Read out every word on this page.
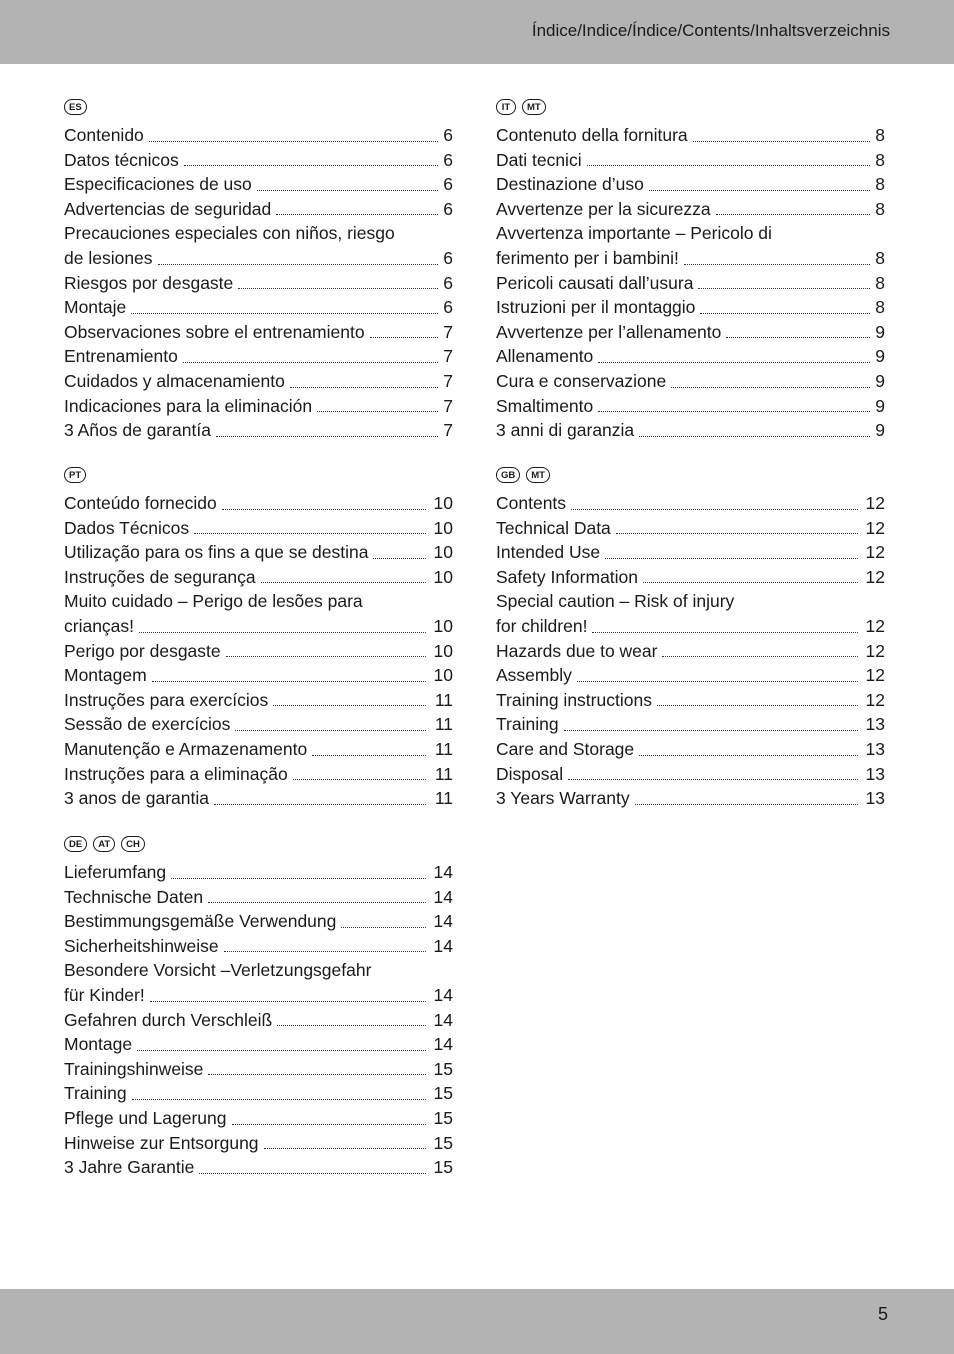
Índice/Indice/Índice/Contents/Inhaltsverzeichnis
ES
Contenido	6
Datos técnicos	6
Especificaciones de uso	6
Advertencias de seguridad	6
Precauciones especiales con niños, riesgo
de lesiones	6
Riesgos por desgaste	6
Montaje	6
Observaciones sobre el entrenamiento	7
Entrenamiento	7
Cuidados y almacenamiento	7
Indicaciones para la eliminación	7
3 Años de garantía	7
PT
Conteúdo fornecido	10
Dados Técnicos	10
Utilização para os fins a que se destina	10
Instruções de segurança	10
Muito cuidado – Perigo de lesões para
crianças!	10
Perigo por desgaste	10
Montagem	10
Instruções para exercícios	11
Sessão de exercícios	11
Manutenção e Armazenamento	11
Instruções para a eliminação	11
3 anos de garantia	11
DE	AT	CH
Lieferumfang	14
Technische Daten	14
Bestimmungsgemäße Verwendung	14
Sicherheitshinweise	14
Besondere Vorsicht –Verletzungsgefahr
für Kinder!	14
Gefahren durch Verschleiß	14
Montage	14
Trainingshinweise	15
Training	15
Pflege und Lagerung	15
Hinweise zur Entsorgung	15
3 Jahre Garantie	15
IT	MT
Contenuto della fornitura	8
Dati tecnici	8
Destinazione d’uso	8
Avvertenze per la sicurezza	8
Avvertenza importante – Pericolo di
ferimento per i bambini!	8
Pericoli causati dall’usura	8
Istruzioni per il montaggio	8
Avvertenze per l’allenamento	9
Allenamento	9
Cura e conservazione	9
Smaltimento	9
3 anni di garanzia	9
GB	MT
Contents	12
Technical Data	12
Intended Use	12
Safety Information	12
Special caution – Risk of injury
for children!	12
Hazards due to wear	12
Assembly	12
Training instructions	12
Training	13
Care and Storage	13
Disposal	13
3 Years Warranty	13
5
